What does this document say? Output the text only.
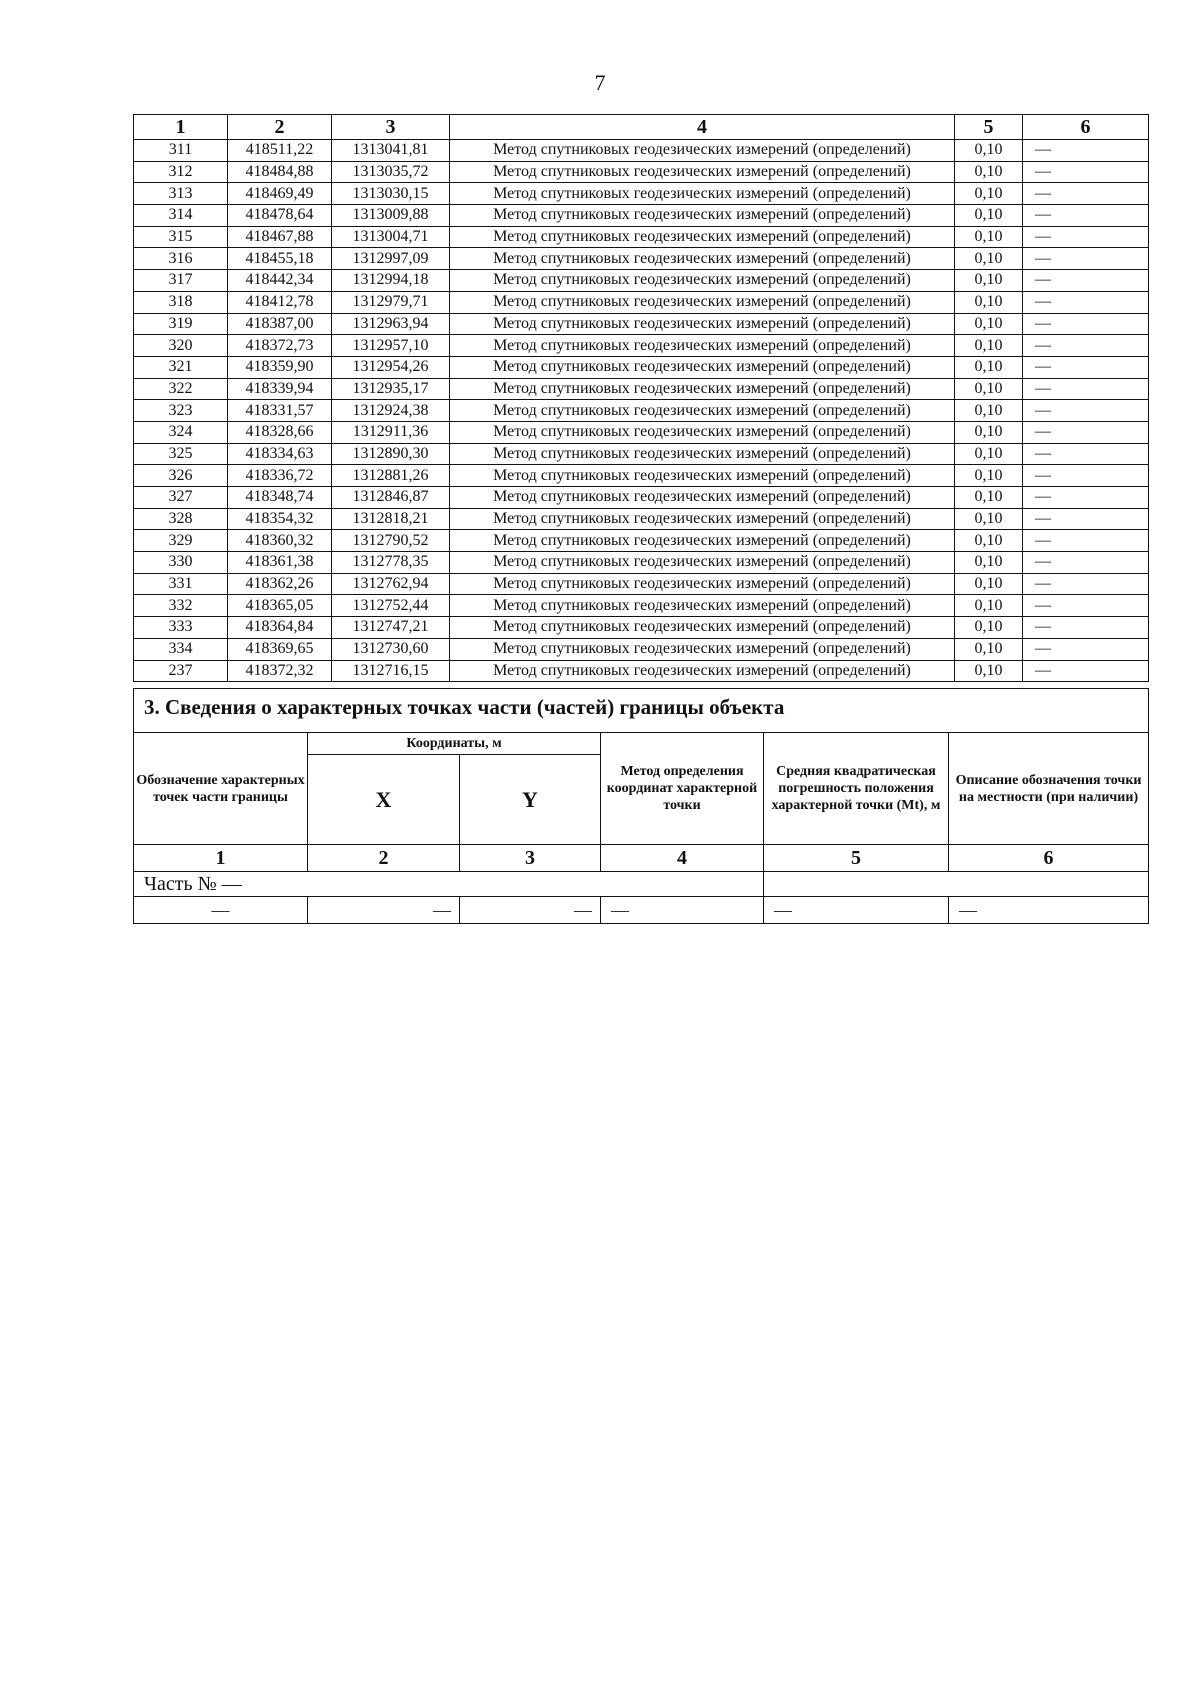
7
1	2	3	4	5	6
311	418511,22	1313041,81	Метод спутниковых геодезических измерений (определений)	0,10	—
312	418484,88	1313035,72	Метод спутниковых геодезических измерений (определений)	0,10	—
313	418469,49	1313030,15	Метод спутниковых геодезических измерений (определений)	0,10	—
314	418478,64	1313009,88	Метод спутниковых геодезических измерений (определений)	0,10	—
315	418467,88	1313004,71	Метод спутниковых геодезических измерений (определений)	0,10	—
316	418455,18	1312997,09	Метод спутниковых геодезических измерений (определений)	0,10	—
317	418442,34	1312994,18	Метод спутниковых геодезических измерений (определений)	0,10	—
318	418412,78	1312979,71	Метод спутниковых геодезических измерений (определений)	0,10	—
319	418387,00	1312963,94	Метод спутниковых геодезических измерений (определений)	0,10	—
320	418372,73	1312957,10	Метод спутниковых геодезических измерений (определений)	0,10	—
321	418359,90	1312954,26	Метод спутниковых геодезических измерений (определений)	0,10	—
322	418339,94	1312935,17	Метод спутниковых геодезических измерений (определений)	0,10	—
323	418331,57	1312924,38	Метод спутниковых геодезических измерений (определений)	0,10	—
324	418328,66	1312911,36	Метод спутниковых геодезических измерений (определений)	0,10	—
325	418334,63	1312890,30	Метод спутниковых геодезических измерений (определений)	0,10	—
326	418336,72	1312881,26	Метод спутниковых геодезических измерений (определений)	0,10	—
327	418348,74	1312846,87	Метод спутниковых геодезических измерений (определений)	0,10	—
328	418354,32	1312818,21	Метод спутниковых геодезических измерений (определений)	0,10	—
329	418360,32	1312790,52	Метод спутниковых геодезических измерений (определений)	0,10	—
330	418361,38	1312778,35	Метод спутниковых геодезических измерений (определений)	0,10	—
331	418362,26	1312762,94	Метод спутниковых геодезических измерений (определений)	0,10	—
332	418365,05	1312752,44	Метод спутниковых геодезических измерений (определений)	0,10	—
333	418364,84	1312747,21	Метод спутниковых геодезических измерений (определений)	0,10	—
334	418369,65	1312730,60	Метод спутниковых геодезических измерений (определений)	0,10	—
237	418372,32	1312716,15	Метод спутниковых геодезических измерений (определений)	0,10	—
3. Сведения о характерных точках части (частей) границы объекта					
Обозначение характерных точек части границы	Координаты, м		Метод определения координат характерной точки	Средняя квадратическая погрешность положения характерной точки (Mt), м	Описание обозначения точки на местности (при наличии)
	X	Y			
1	2	3	4	5	6
Часть № —					
—	—	—	—	—	—
